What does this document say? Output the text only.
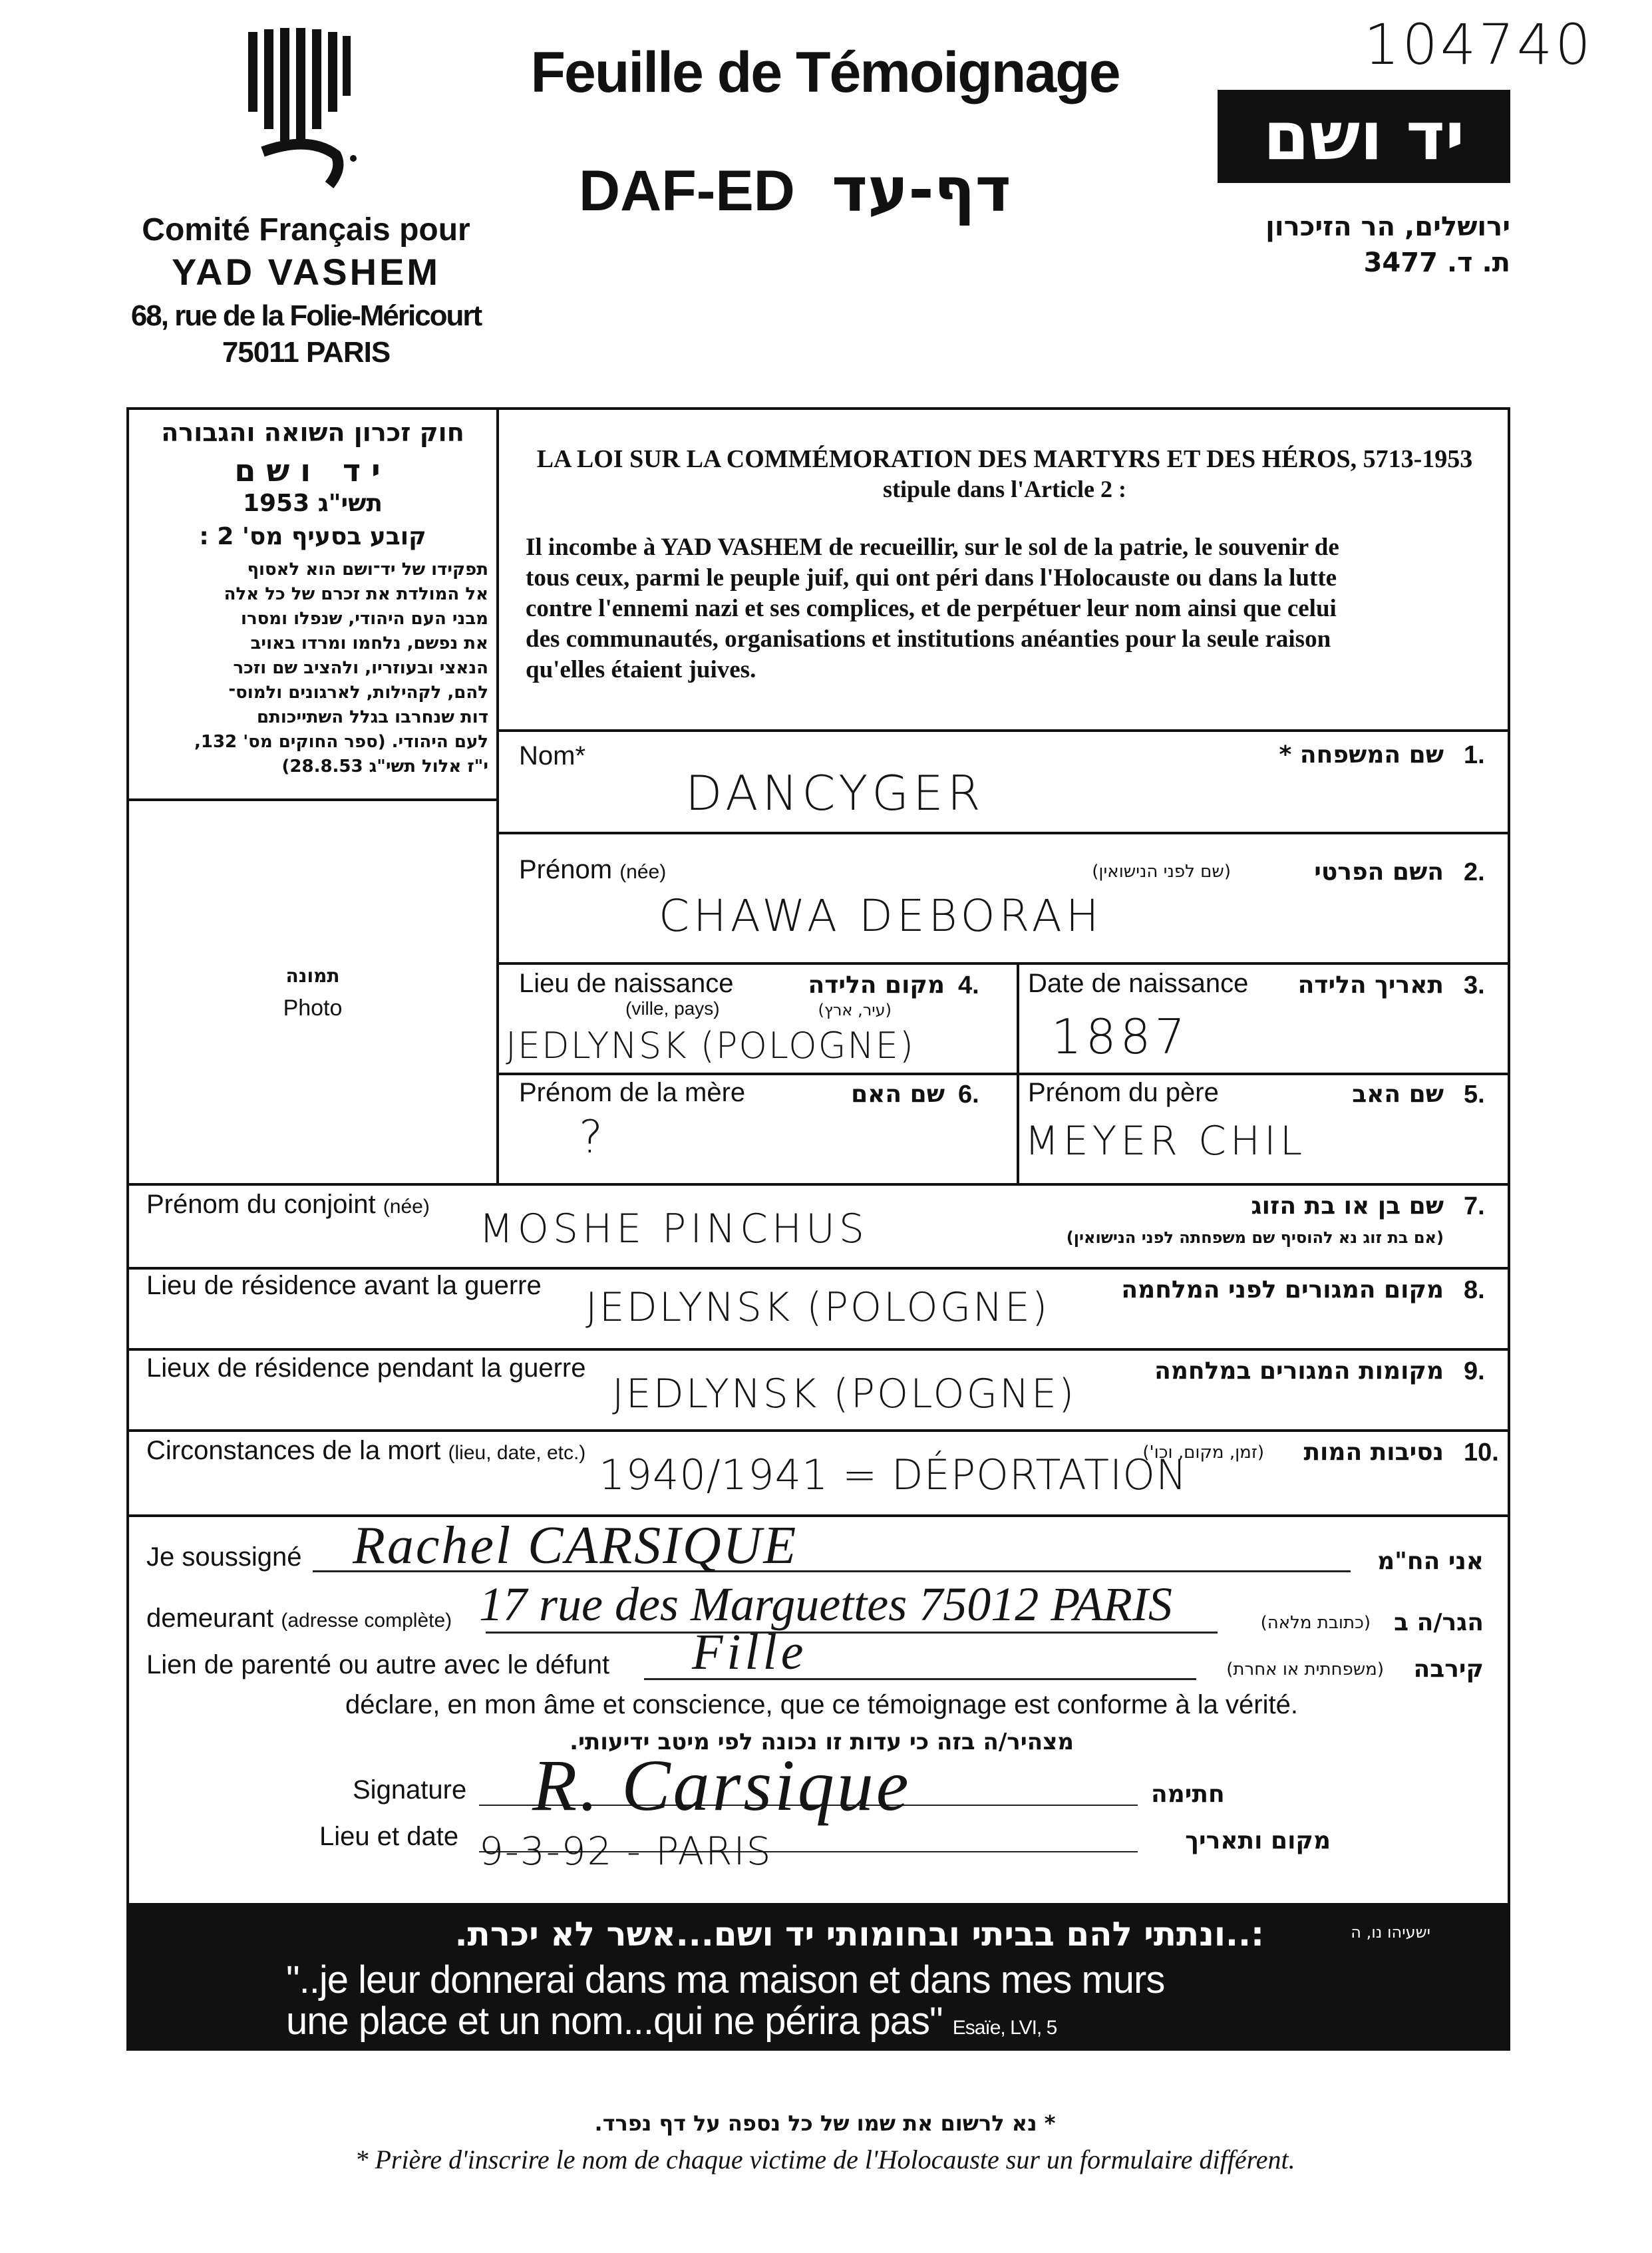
104740
Comité Français pour
YAD VASHEM
68, rue de la Folie-Méricourt
75011 PARIS
Feuille de Témoignage
DAF-ED דף-עד
יד ושם
ירושלים, הר הזיכרון
ת. ד. 3477
חוק זכרון השואה והגבורה
יד ושם
תשי"ג 1953
קובע בסעיף מס' 2 :
תפקידו של יד־ושם הוא לאסוף
אל המולדת את זכרם של כל אלה
מבני העם היהודי, שנפלו ומסרו
את נפשם, נלחמו ומרדו באויב
הנאצי ובעוזריו, ולהציב שם וזכר
להם, לקהילות, לארגונים ולמוס־
דות שנחרבו בגלל השתייכותם
לעם היהודי. (ספר החוקים מס' 132,
י"ז אלול תשי"ג 28.8.53)
LA LOI SUR LA COMMÉMORATION DES MARTYRS ET DES HÉROS, 5713-1953
stipule dans l'Article 2 :
Il incombe à YAD VASHEM de recueillir, sur le sol de la patrie, le souvenir de
tous ceux, parmi le peuple juif, qui ont péri dans l'Holocauste ou dans la lutte
contre l'ennemi nazi et ses complices, et de perpétuer leur nom ainsi que celui
des communautés, organisations et institutions anéanties pour la seule raison
qu'elles étaient juives.
תמונה
Photo
Nom*	שם המשפחה * 1.
DANCYGER
Prénom (née)	(שם לפני הנישואין)	השם הפרטי 2.
CHAWA DEBORAH
Lieu de naissance
(ville, pays)
מקום הלידה
(עיר, ארץ)
4.
JEDLYNSK (POLOGNE)
Date de naissance	תאריך הלידה 3.
1887
Prénom de la mère	שם האם 6.
?
Prénom du père	שם האב 5.
MEYER CHIL
Prénom du conjoint (née)	שם בן או בת הזוג
(אם בת זוג נא להוסיף שם משפחתה לפני הנישואין)
7.
MOSHE PINCHUS
Lieu de résidence avant la guerre	מקום המגורים לפני המלחמה 8.
JEDLYNSK (POLOGNE)
Lieux de résidence pendant la guerre	מקומות המגורים במלחמה 9.
JEDLYNSK (POLOGNE)
Circonstances de la mort (lieu, date, etc.)	(זמן, מקום, וכו')	נסיבות המות 10.
1940/1941 = DÉPORTATION
Je soussigné Rachel CARSIQUE	אני הח"מ
demeurant (adresse complète) 17 rue des Marguettes 75012 PARIS	(כתובת מלאה) הגר/ה ב
Lien de parenté ou autre avec le défunt Fille	(משפחתית או אחרת)	קירבה
déclare, en mon âme et conscience, que ce témoignage est conforme à la vérité.
מצהיר/ה בזה כי עדות זו נכונה לפי מיטב ידיעותי.
Signature R. Carsique	חתימה
Lieu et date 9-3-92 - PARIS	מקום ותאריך
ישעיהו נו, ה
:..ונתתי להם בביתי ובחומותי יד ושם...אשר לא יכרת.
"..je leur donnerai dans ma maison et dans mes murs
une place et un nom...qui ne périra pas" Esaïe, LVI, 5
* נא לרשום את שמו של כל נספה על דף נפרד.
* Prière d'inscrire le nom de chaque victime de l'Holocauste sur un formulaire différent.
